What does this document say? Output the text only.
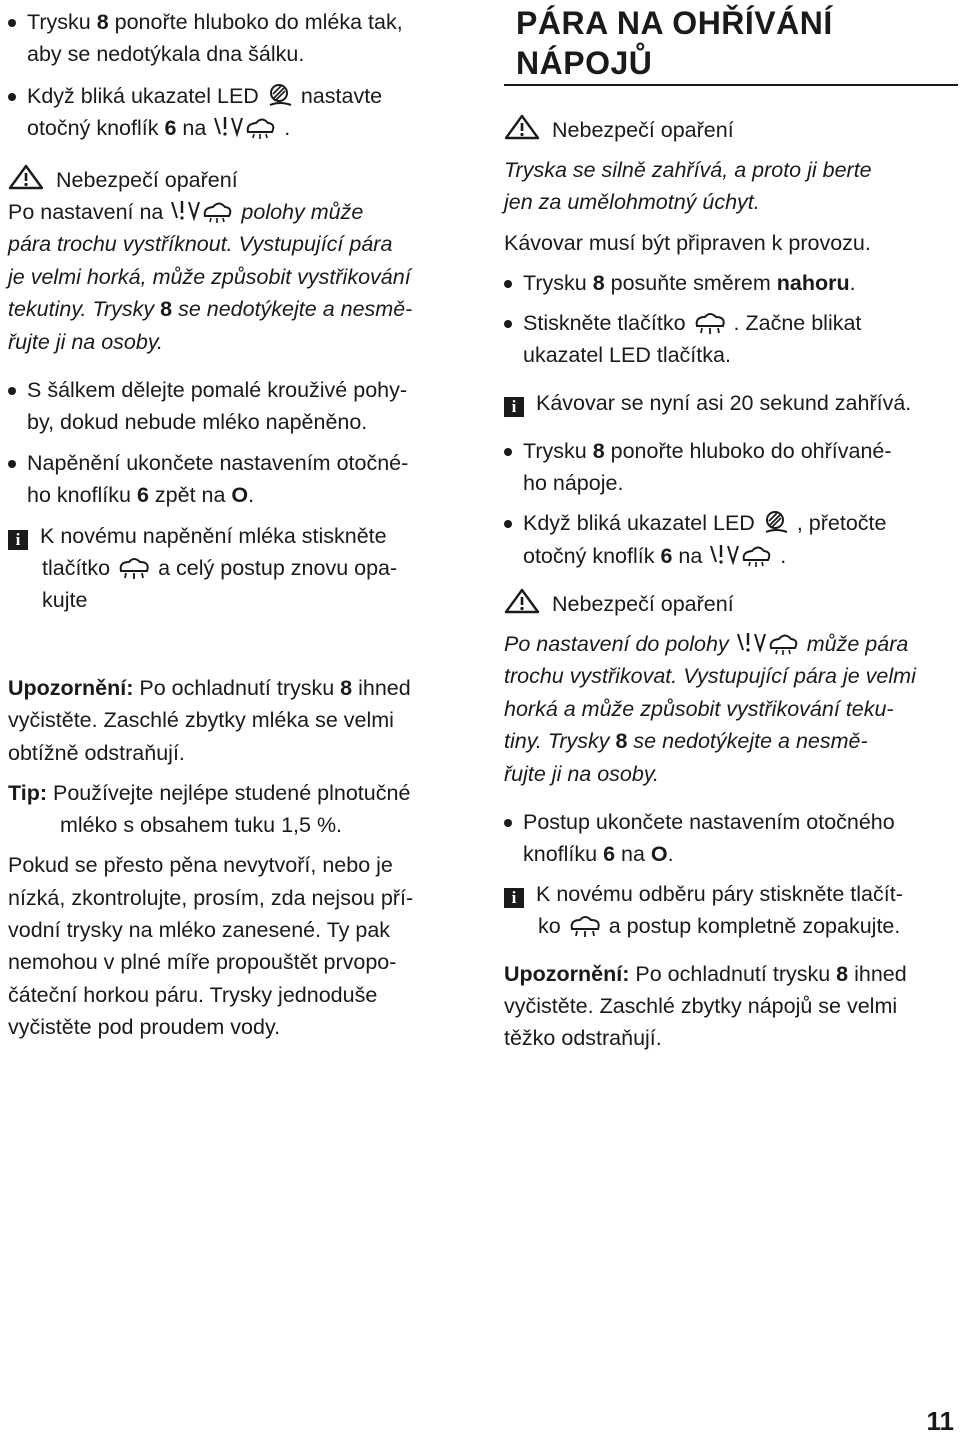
Trysku 8 ponořte hluboko do mléka tak,
aby se nedotýkala dna šálku.
Když bliká ukazatel LED nastavte
otočný knoflík 6 na	.
Nebezpečí opaření
Po nastavení na	polohy může
pára trochu vystříknout. Vystupující pára
je velmi horká, může způsobit vystřikování
tekutiny. Trysky 8 se nedotýkejte a nesmě-
řujte ji na osoby.
S šálkem dělejte pomalé krouživé pohy-
by, dokud nebude mléko napěněno.
Napěnění ukončete nastavením otočné-
ho knoflíku 6 zpět na O.
i K novému napěnění mléka stiskněte
tlačítko a celý postup znovu opa-
kujte
Upozornění: Po ochladnutí trysku 8 ihned
vyčistěte. Zaschlé zbytky mléka se velmi
obtížně odstraňují.
Tip: Používejte nejlépe studené plnotučné
mléko s obsahem tuku 1,5 %.
Pokud se přesto pěna nevytvoří, nebo je
nízká, zkontrolujte, prosím, zda nejsou pří-
vodní trysky na mléko zanesené. Ty pak
nemohou v plné míře propouštět prvopo-
čáteční horkou páru. Trysky jednoduše
vyčistěte pod proudem vody.
PÁRA NA OHŘÍVÁNÍ
NÁPOJŮ
Nebezpečí opaření
Tryska se silně zahřívá, a proto ji berte
jen za umělohmotný úchyt.
Kávovar musí být připraven k provozu.
Trysku 8 posuňte směrem nahoru.
Stiskněte tlačítko . Začne blikat
ukazatel LED tlačítka.
i Kávovar se nyní asi 20 sekund zahřívá.
Trysku 8 ponořte hluboko do ohřívané-
ho nápoje.
Když bliká ukazatel LED , přetočte
otočný knoflík 6 na	.
Nebezpečí opaření
Po nastavení do polohy	může pára
trochu vystřikovat. Vystupující pára je velmi
horká a může způsobit vystřikování teku-
tiny. Trysky 8 se nedotýkejte a nesmě-
řujte ji na osoby.
Postup ukončete nastavením otočného
knoflíku 6 na O.
i K novému odběru páry stiskněte tlačít-
ko a postup kompletně zopakujte.
Upozornění: Po ochladnutí trysku 8 ihned
vyčistěte. Zaschlé zbytky nápojů se velmi
těžko odstraňují.
11
